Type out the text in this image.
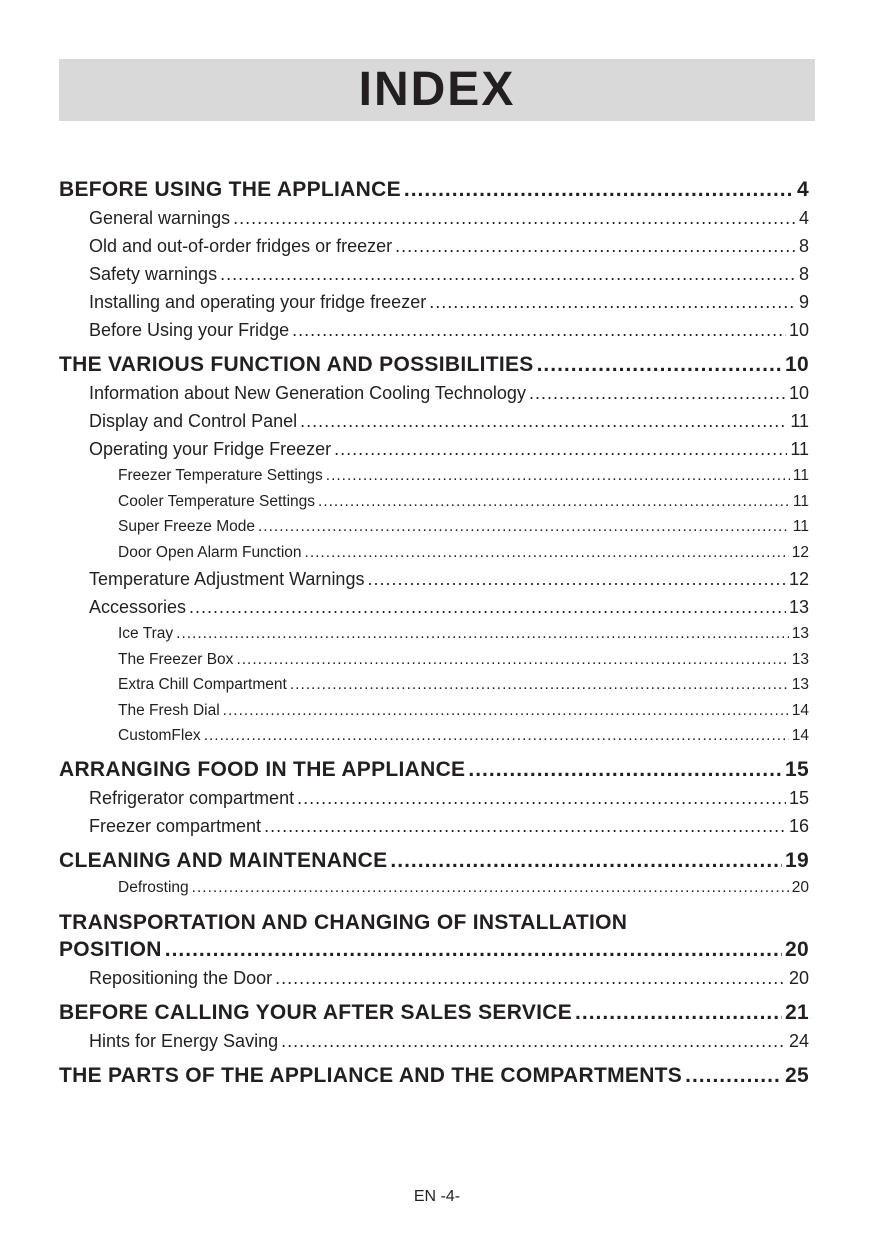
INDEX
BEFORE USING THE APPLIANCE .....	4
General warnings .....	4
Old and out-of-order fridges or freezer .....	8
Safety warnings .....	8
Installing and operating your fridge freezer .....	9
Before Using your Fridge .....	10
THE VARIOUS FUNCTION AND POSSIBILITIES .....	10
Information about New Generation Cooling Technology .....	10
Display and Control Panel .....	11
Operating your Fridge Freezer .....	11
Freezer Temperature Settings .....	11
Cooler Temperature Settings .....	11
Super Freeze Mode .....	11
Door Open Alarm Function .....	12
Temperature Adjustment Warnings .....	12
Accessories .....	13
Ice Tray .....	13
The Freezer Box .....	13
Extra Chill Compartment .....	13
The Fresh Dial .....	14
CustomFlex .....	14
ARRANGING FOOD IN THE APPLIANCE .....	15
Refrigerator compartment .....	15
Freezer compartment .....	16
CLEANING AND MAINTENANCE .....	19
Defrosting .....	20
TRANSPORTATION AND CHANGING OF INSTALLATION
POSITION .....	20
Repositioning the Door .....	20
BEFORE CALLING YOUR AFTER SALES SERVICE .....	21
Hints for Energy Saving .....	24
THE PARTS OF THE APPLIANCE AND THE COMPARTMENTS .....	25
EN -4-
